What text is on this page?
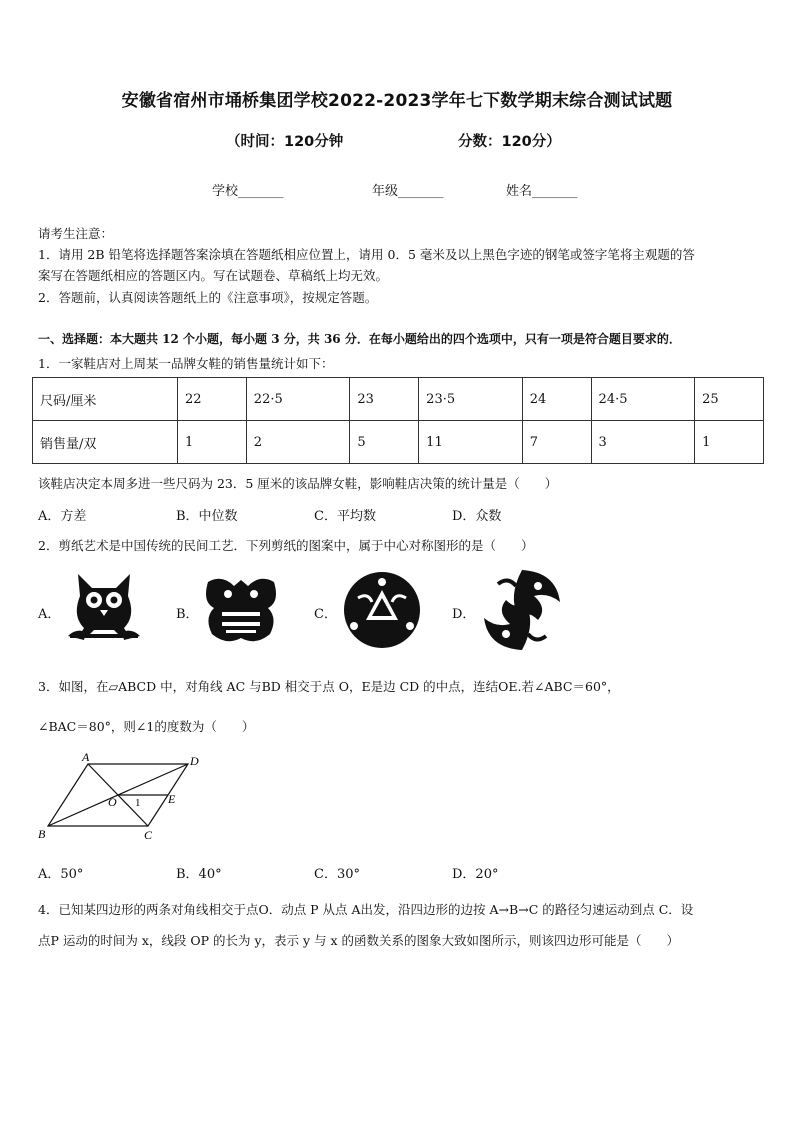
安徽省宿州市埇桥集团学校2022-2023学年七下数学期末综合测试试题
（时间：120分钟	分数：120分）
学校_______	年级_______	姓名_______
请考生注意：
1．请用 2B 铅笔将选择题答案涂填在答题纸相应位置上，请用 0．5 毫米及以上黑色字迹的钢笔或签字笔将主观题的答
案写在答题纸相应的答题区内。写在试题卷、草稿纸上均无效。
2．答题前，认真阅读答题纸上的《注意事项》，按规定答题。
一、选择题：本大题共 12 个小题，每小题 3 分，共 36 分．在每小题给出的四个选项中，只有一项是符合题目要求的．
1．一家鞋店对上周某一品牌女鞋的销售量统计如下：
尺码/厘米	22	22·5	23	23·5	24	24·5	25
销售量/双	1	2	5	11	7	3	1
该鞋店决定本周多进一些尺码为 23．5 厘米的该品牌女鞋，影响鞋店决策的统计量是（　　）
A．方差	B．中位数	C．平均数	D．众数
2．剪纸艺术是中国传统的民间工艺．下列剪纸的图案中，属于中心对称图形的是（　　）
A．	B．	C．	D．
3．如图，在▱ABCD 中，对角线 AC 与BD 相交于点 O，E是边 CD 的中点，连结OE.若∠ABC＝60°，
∠BAC＝80°，则∠1的度数为（　　）
A	D
B	C
O	E
1
A．50°	B．40°	C．30°	D．20°
4．已知某四边形的两条对角线相交于点O．动点 P 从点 A出发，沿四边形的边按 A→B→C 的路径匀速运动到点 C．设
点P 运动的时间为 x，线段 OP 的长为 y，表示 y 与 x 的函数关系的图象大致如图所示，则该四边形可能是（　　）
